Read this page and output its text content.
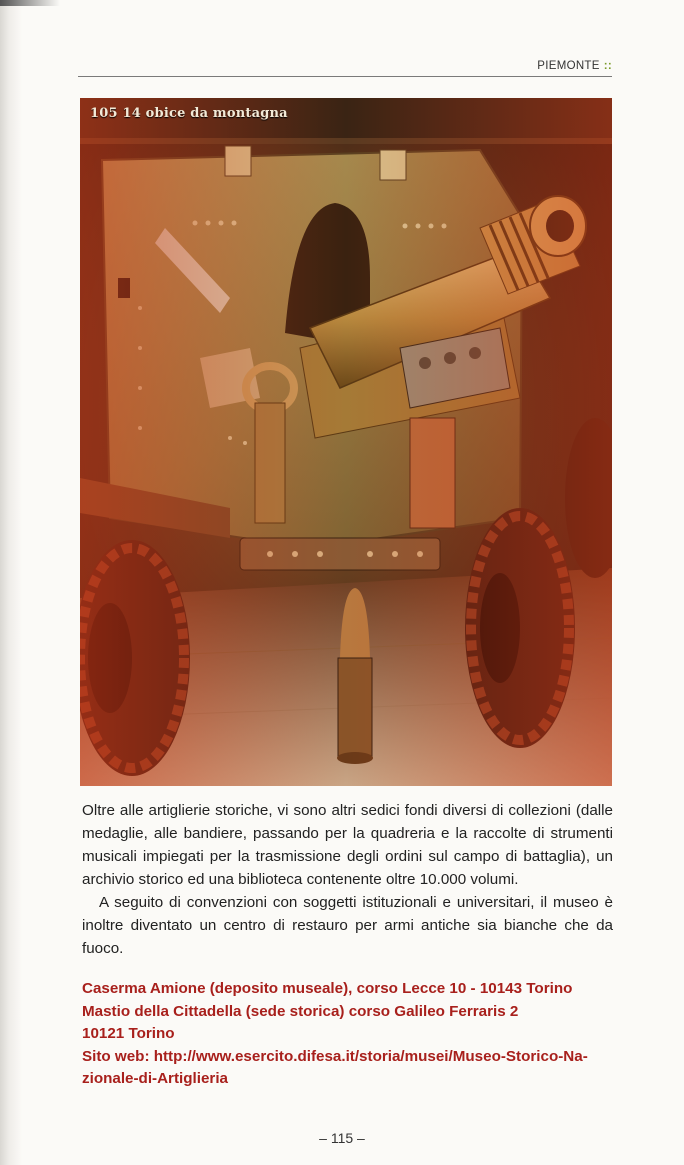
PIEMONTE ::
105 14 obice da montagna

Oltre alle artiglierie storiche, vi sono altri sedici fondi diversi di collezioni (dalle medaglie, alle bandiere, passando per la quadreria e la raccolte di strumenti musicali impiegati per la trasmissione degli ordini sul campo di battaglia), un archivio storico ed una biblioteca contenente oltre 10.000 volumi.

A seguito di convenzioni con soggetti istituzionali e universitari, il museo è inoltre diventato un centro di restauro per armi antiche sia bianche che da fuoco.

Caserma Amione (deposito museale), corso Lecce 10 - 10143 Torino
Mastio della Cittadella (sede storica) corso Galileo Ferraris 2
10121 Torino
Sito web: http://www.esercito.difesa.it/storia/musei/Museo-Storico-Na-
zionale-di-Artiglieria
– 115 –
